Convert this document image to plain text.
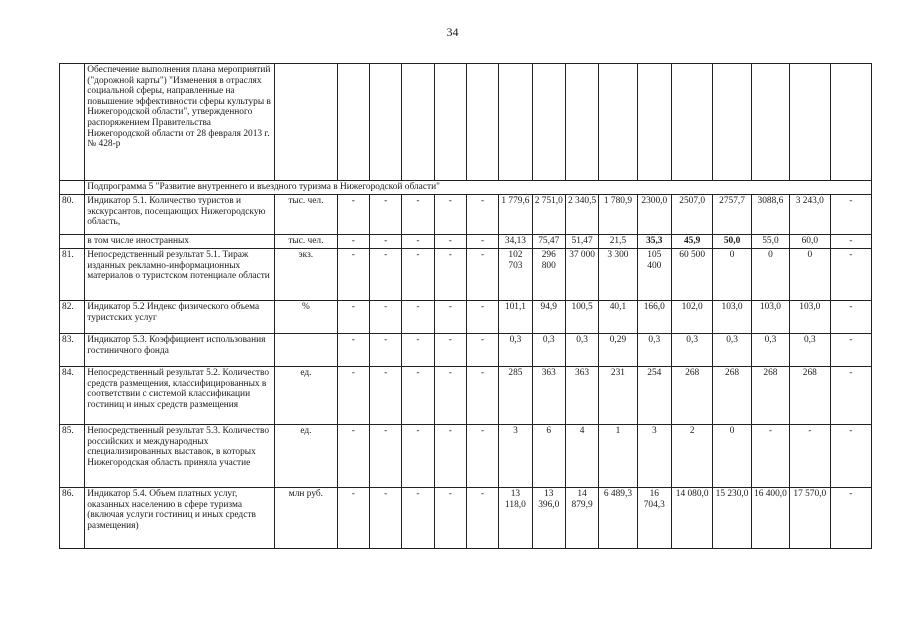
34
	Обеспечение выполнения плана мероприятий ("дорожной карты") "Изменения в отраслях социальной сферы, направленные на повышение эффективности сферы культуры в Нижегородской области", утвержденного распоряжением Правительства Нижегородской области от 28 февраля 2013 г. № 428-р																
	Подпрограмма 5 "Развитие внутреннего и въездного туризма в Нижегородской области"																
80.	Индикатор 5.1. Количество туристов и экскурсантов, посещающих Нижегородскую область,	тыс. чел.	-	-	-	-	-	1 779,6	2 751,0	2 340,5	1 780,9	2300,0	2507,0	2757,7	3088,6	3 243,0	-
	в том числе иностранных	тыс. чел.	-	-	-	-	-	34,13	75,47	51,47	21,5	35,3	45,9	50,0	55,0	60,0	-
81.	Непосредственный результат 5.1. Тираж изданных рекламно-информационных материалов о туристском потенциале области	экз.	-	-	-	-	-	102 703	296 800	37 000	3 300	105 400	60 500	0	0	0	-
82.	Индикатор 5.2 Индекс физического объема туристских услуг	%	-	-	-	-	-	101,1	94,9	100,5	40,1	166,0	102,0	103,0	103,0	103,0	-
83.	Индикатор 5.3. Коэффициент использования гостиничного фонда		-	-	-	-	-	0,3	0,3	0,3	0,29	0,3	0,3	0,3	0,3	0,3	-
84.	Непосредственный результат 5.2. Количество средств размещения, классифицированных в соответствии с системой классификации гостиниц и иных средств размещения	ед.	-	-	-	-	-	285	363	363	231	254	268	268	268	268	-
85.	Непосредственный результат 5.3. Количество российских и международных специализированных выставок, в которых Нижегородская область приняла участие	ед.	-	-	-	-	-	3	6	4	1	3	2	0	-	-	-
86.	Индикатор 5.4. Объем платных услуг, оказанных населению в сфере туризма (включая услуги гостиниц и иных средств размещения)	млн руб.	-	-	-	-	-	13 118,0	13 396,0	14 879,9	6 489,3	16 704,3	14 080,0	15 230,0	16 400,0	17 570,0	-
